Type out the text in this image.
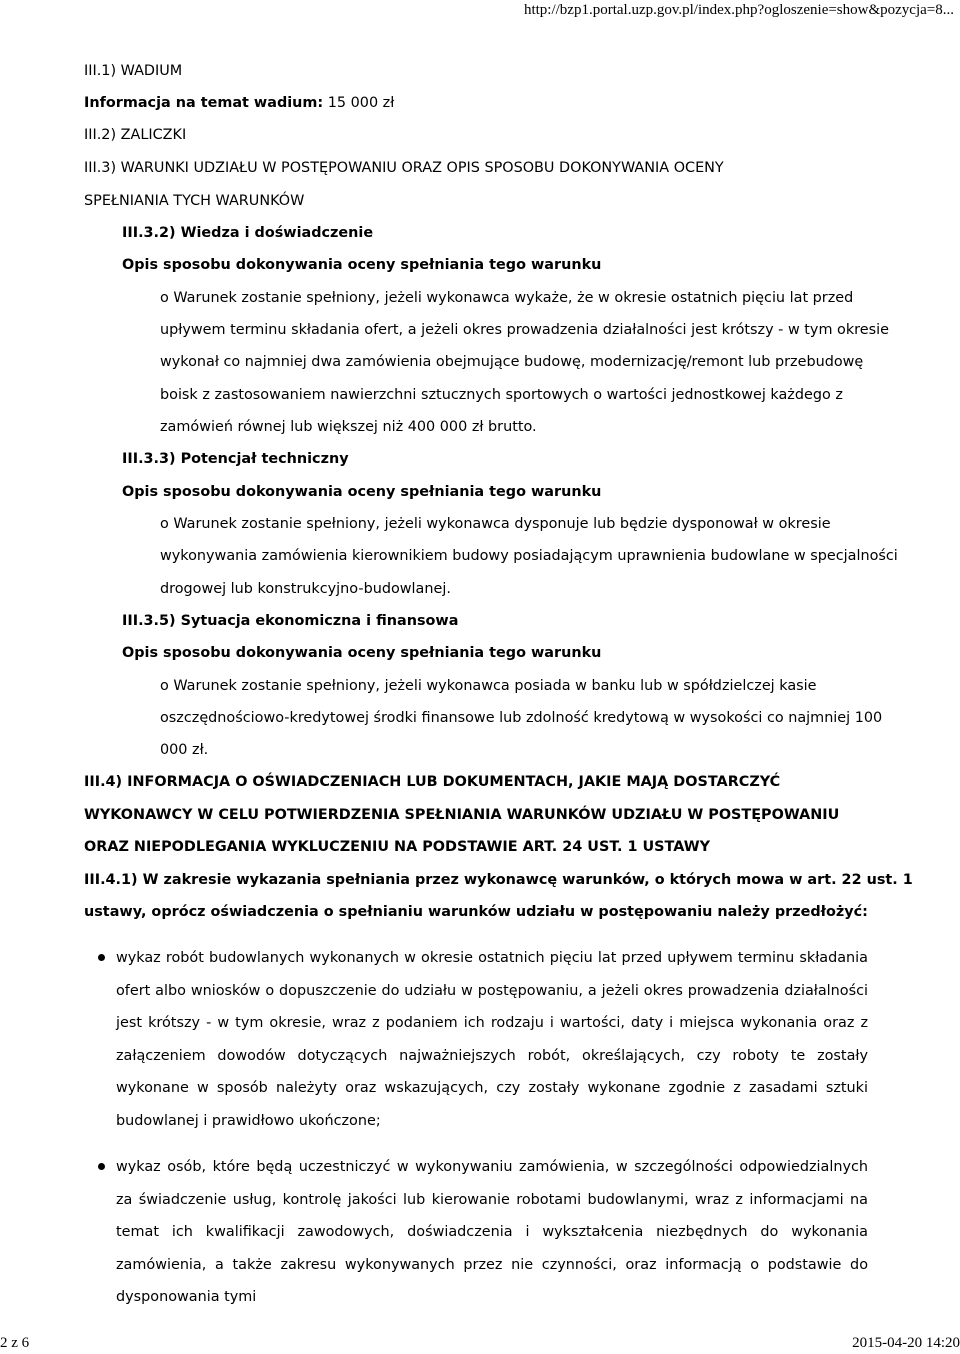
http://bzp1.portal.uzp.gov.pl/index.php?ogloszenie=show&pozycja=8...
III.1) WADIUM
Informacja na temat wadium: 15 000 zł
III.2) ZALICZKI
III.3) WARUNKI UDZIAŁU W POSTĘPOWANIU ORAZ OPIS SPOSOBU DOKONYWANIA OCENY
SPEŁNIANIA TYCH WARUNKÓW
III.3.2) Wiedza i doświadczenie
Opis sposobu dokonywania oceny spełniania tego warunku
o Warunek zostanie spełniony, jeżeli wykonawca wykaże, że w okresie ostatnich pięciu lat przed
upływem terminu składania ofert, a jeżeli okres prowadzenia działalności jest krótszy - w tym okresie
wykonał co najmniej dwa zamówienia obejmujące budowę, modernizację/remont lub przebudowę
boisk z zastosowaniem nawierzchni sztucznych sportowych o wartości jednostkowej każdego z
zamówień równej lub większej niż 400 000 zł brutto.
III.3.3) Potencjał techniczny
Opis sposobu dokonywania oceny spełniania tego warunku
o Warunek zostanie spełniony, jeżeli wykonawca dysponuje lub będzie dysponował w okresie
wykonywania zamówienia kierownikiem budowy posiadającym uprawnienia budowlane w specjalności
drogowej lub konstrukcyjno-budowlanej.
III.3.5) Sytuacja ekonomiczna i finansowa
Opis sposobu dokonywania oceny spełniania tego warunku
o Warunek zostanie spełniony, jeżeli wykonawca posiada w banku lub w spółdzielczej kasie
oszczędnościowo-kredytowej środki finansowe lub zdolność kredytową w wysokości co najmniej 100
000 zł.
III.4) INFORMACJA O OŚWIADCZENIACH LUB DOKUMENTACH, JAKIE MAJĄ DOSTARCZYĆ
WYKONAWCY W CELU POTWIERDZENIA SPEŁNIANIA WARUNKÓW UDZIAŁU W POSTĘPOWANIU
ORAZ NIEPODLEGANIA WYKLUCZENIU NA PODSTAWIE ART. 24 UST. 1 USTAWY
III.4.1) W zakresie wykazania spełniania przez wykonawcę warunków, o których mowa w art. 22 ust. 1
ustawy, oprócz oświadczenia o spełnianiu warunków udziału w postępowaniu należy przedłożyć:
wykaz robót budowlanych wykonanych w okresie ostatnich pięciu lat przed upływem terminu składania ofert albo wniosków o dopuszczenie do udziału w postępowaniu, a jeżeli okres prowadzenia działalności jest krótszy - w tym okresie, wraz z podaniem ich rodzaju i wartości, daty i miejsca wykonania oraz z załączeniem dowodów dotyczących najważniejszych robót, określających, czy roboty te zostały wykonane w sposób należyty oraz wskazujących, czy zostały wykonane zgodnie z zasadami sztuki budowlanej i prawidłowo ukończone;
wykaz osób, które będą uczestniczyć w wykonywaniu zamówienia, w szczególności odpowiedzialnych za świadczenie usług, kontrolę jakości lub kierowanie robotami budowlanymi, wraz z informacjami na temat ich kwalifikacji zawodowych, doświadczenia i wykształcenia niezbędnych do wykonania zamówienia, a także zakresu wykonywanych przez nie czynności, oraz informacją o podstawie do dysponowania tymi
2 z 6	2015-04-20 14:20
